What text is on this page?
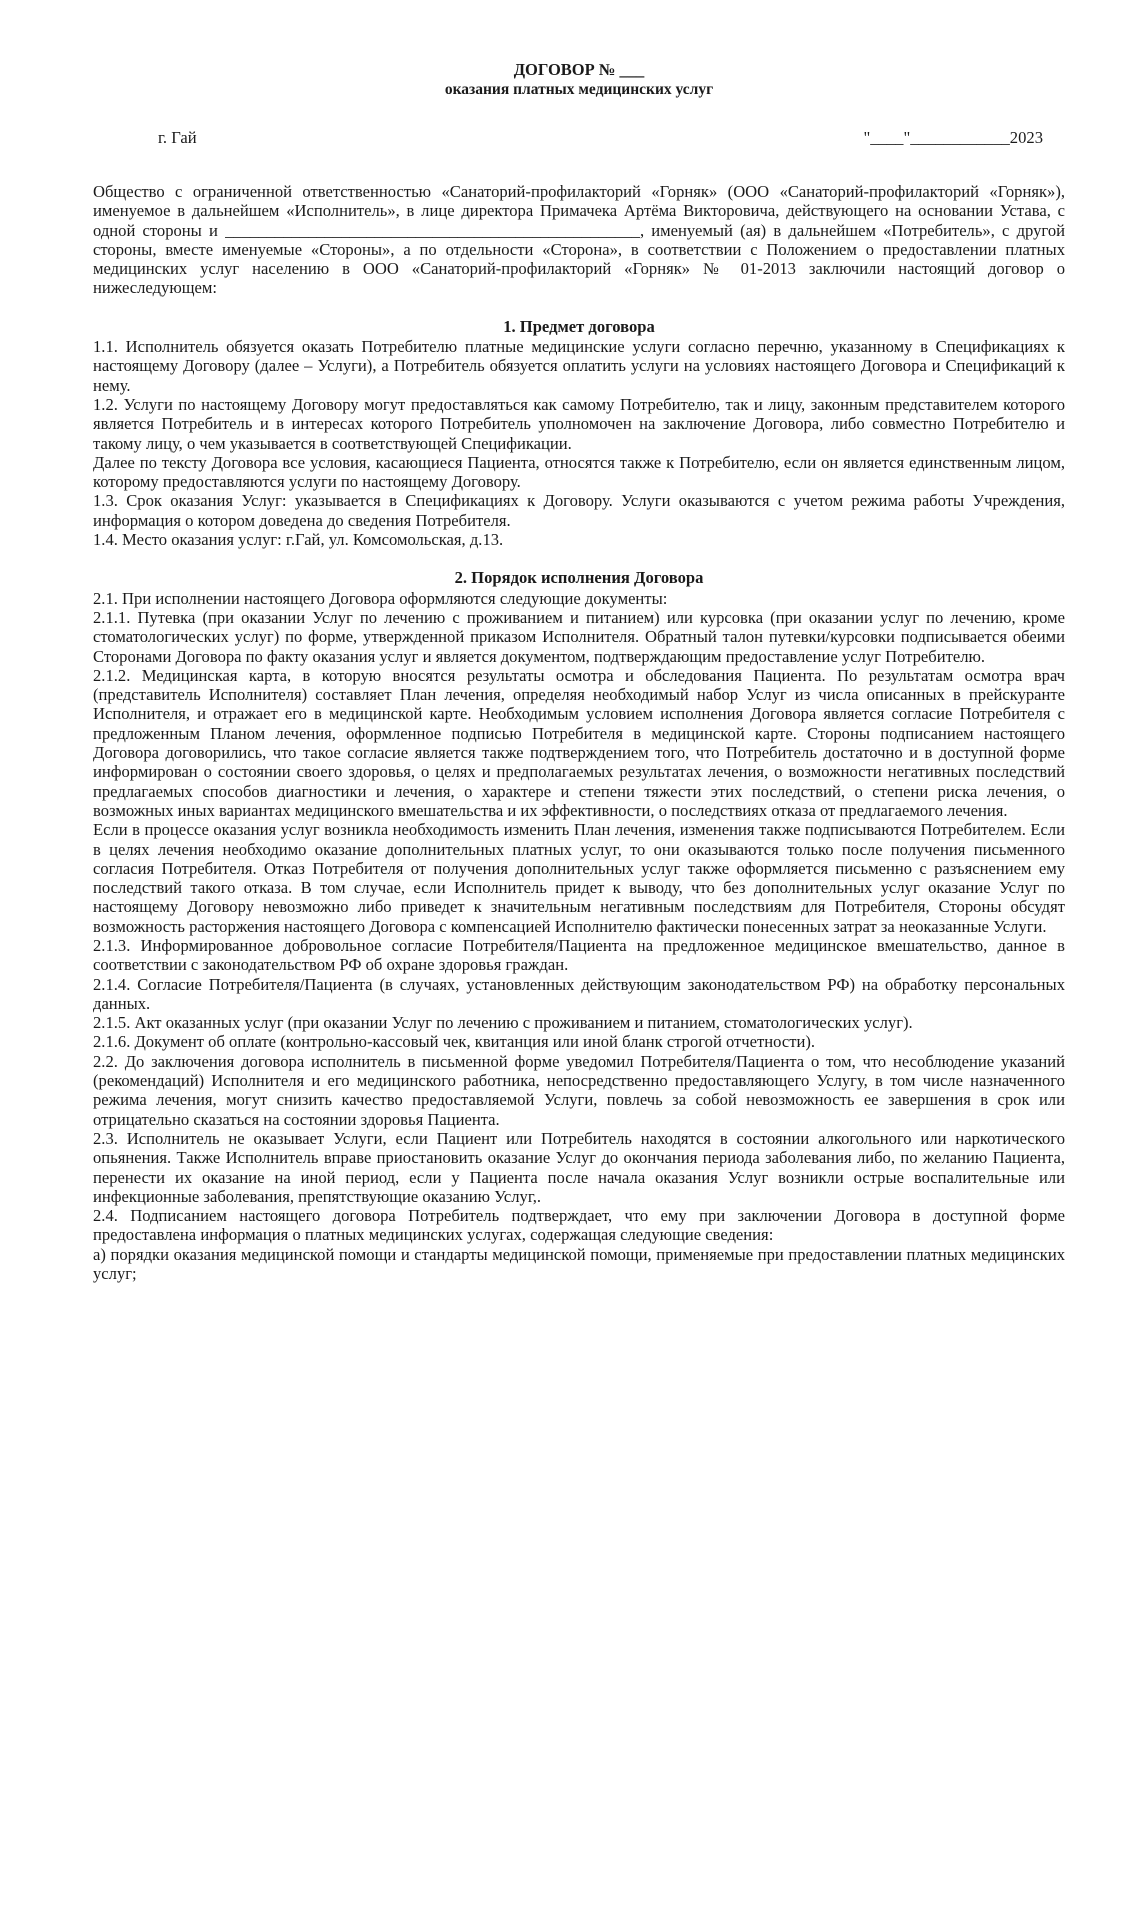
ДОГОВОР № ___

оказания платных медицинских услуг

г. Гай	"____"____________2023

Общество с ограниченной ответственностью «Санаторий-профилакторий «Горняк» (ООО «Санаторий-профилакторий «Горняк»), именуемое в дальнейшем «Исполнитель», в лице директора Примачека Артёма Викторовича, действующего на основании Устава, с одной стороны и __________________________________________________, именуемый (ая) в дальнейшем «Потребитель», с другой стороны, вместе именуемые «Стороны», а по отдельности «Сторона», в соответствии с Положением о предоставлении платных медицинских услуг населению в ООО «Санаторий-профилакторий «Горняк» № 01-2013 заключили настоящий договор о нижеследующем:

1. Предмет договора

1.1. Исполнитель обязуется оказать Потребителю платные медицинские услуги согласно перечню, указанному в Спецификациях к настоящему Договору (далее – Услуги), а Потребитель обязуется оплатить услуги на условиях настоящего Договора и Спецификаций к нему.

1.2. Услуги по настоящему Договору могут предоставляться как самому Потребителю, так и лицу, законным представителем которого является Потребитель и в интересах которого Потребитель уполномочен на заключение Договора, либо совместно Потребителю и такому лицу, о чем указывается в соответствующей Спецификации.

Далее по тексту Договора все условия, касающиеся Пациента, относятся также к Потребителю, если он является единственным лицом, которому предоставляются услуги по настоящему Договору.

1.3. Срок оказания Услуг: указывается в Спецификациях к Договору. Услуги оказываются с учетом режима работы Учреждения, информация о котором доведена до сведения Потребителя.

1.4. Место оказания услуг: г.Гай, ул. Комсомольская, д.13.

2. Порядок исполнения Договора

2.1. При исполнении настоящего Договора оформляются следующие документы:

2.1.1. Путевка (при оказании Услуг по лечению с проживанием и питанием) или курсовка (при оказании услуг по лечению, кроме стоматологических услуг) по форме, утвержденной приказом Исполнителя. Обратный талон путевки/курсовки подписывается обеими Сторонами Договора по факту оказания услуг и является документом, подтверждающим предоставление услуг Потребителю.

2.1.2. Медицинская карта, в которую вносятся результаты осмотра и обследования Пациента. По результатам осмотра врач (представитель Исполнителя) составляет План лечения, определяя необходимый набор Услуг из числа описанных в прейскуранте Исполнителя, и отражает его в медицинской карте. Необходимым условием исполнения Договора является согласие Потребителя с предложенным Планом лечения, оформленное подписью Потребителя в медицинской карте. Стороны подписанием настоящего Договора договорились, что такое согласие является также подтверждением того, что Потребитель достаточно и в доступной форме информирован о состоянии своего здоровья, о целях и предполагаемых результатах лечения, о возможности негативных последствий предлагаемых способов диагностики и лечения, о характере и степени тяжести этих последствий, о степени риска лечения, о возможных иных вариантах медицинского вмешательства и их эффективности, о последствиях отказа от предлагаемого лечения.

Если в процессе оказания услуг возникла необходимость изменить План лечения, изменения также подписываются Потребителем. Если в целях лечения необходимо оказание дополнительных платных услуг, то они оказываются только после получения письменного согласия Потребителя. Отказ Потребителя от получения дополнительных услуг также оформляется письменно с разъяснением ему последствий такого отказа. В том случае, если Исполнитель придет к выводу, что без дополнительных услуг оказание Услуг по настоящему Договору невозможно либо приведет к значительным негативным последствиям для Потребителя, Стороны обсудят возможность расторжения настоящего Договора с компенсацией Исполнителю фактически понесенных затрат за неоказанные Услуги.

2.1.3. Информированное добровольное согласие Потребителя/Пациента на предложенное медицинское вмешательство, данное в соответствии с законодательством РФ об охране здоровья граждан.

2.1.4. Согласие Потребителя/Пациента (в случаях, установленных действующим законодательством РФ) на обработку персональных данных.

2.1.5. Акт оказанных услуг (при оказании Услуг по лечению с проживанием и питанием, стоматологических услуг).

2.1.6. Документ об оплате (контрольно-кассовый чек, квитанция или иной бланк строгой отчетности).

2.2. До заключения договора исполнитель в письменной форме уведомил Потребителя/Пациента о том, что несоблюдение указаний (рекомендаций) Исполнителя и его медицинского работника, непосредственно предоставляющего Услугу, в том числе назначенного режима лечения, могут снизить качество предоставляемой Услуги, повлечь за собой невозможность ее завершения в срок или отрицательно сказаться на состоянии здоровья Пациента.

2.3. Исполнитель не оказывает Услуги, если Пациент или Потребитель находятся в состоянии алкогольного или наркотического опьянения. Также Исполнитель вправе приостановить оказание Услуг до окончания периода заболевания либо, по желанию Пациента, перенести их оказание на иной период, если у Пациента после начала оказания Услуг возникли острые воспалительные или инфекционные заболевания, препятствующие оказанию Услуг,.

2.4. Подписанием настоящего договора Потребитель подтверждает, что ему при заключении Договора в доступной форме предоставлена информация о платных медицинских услугах, содержащая следующие сведения:

а) порядки оказания медицинской помощи и стандарты медицинской помощи, применяемые при предоставлении платных медицинских услуг;
